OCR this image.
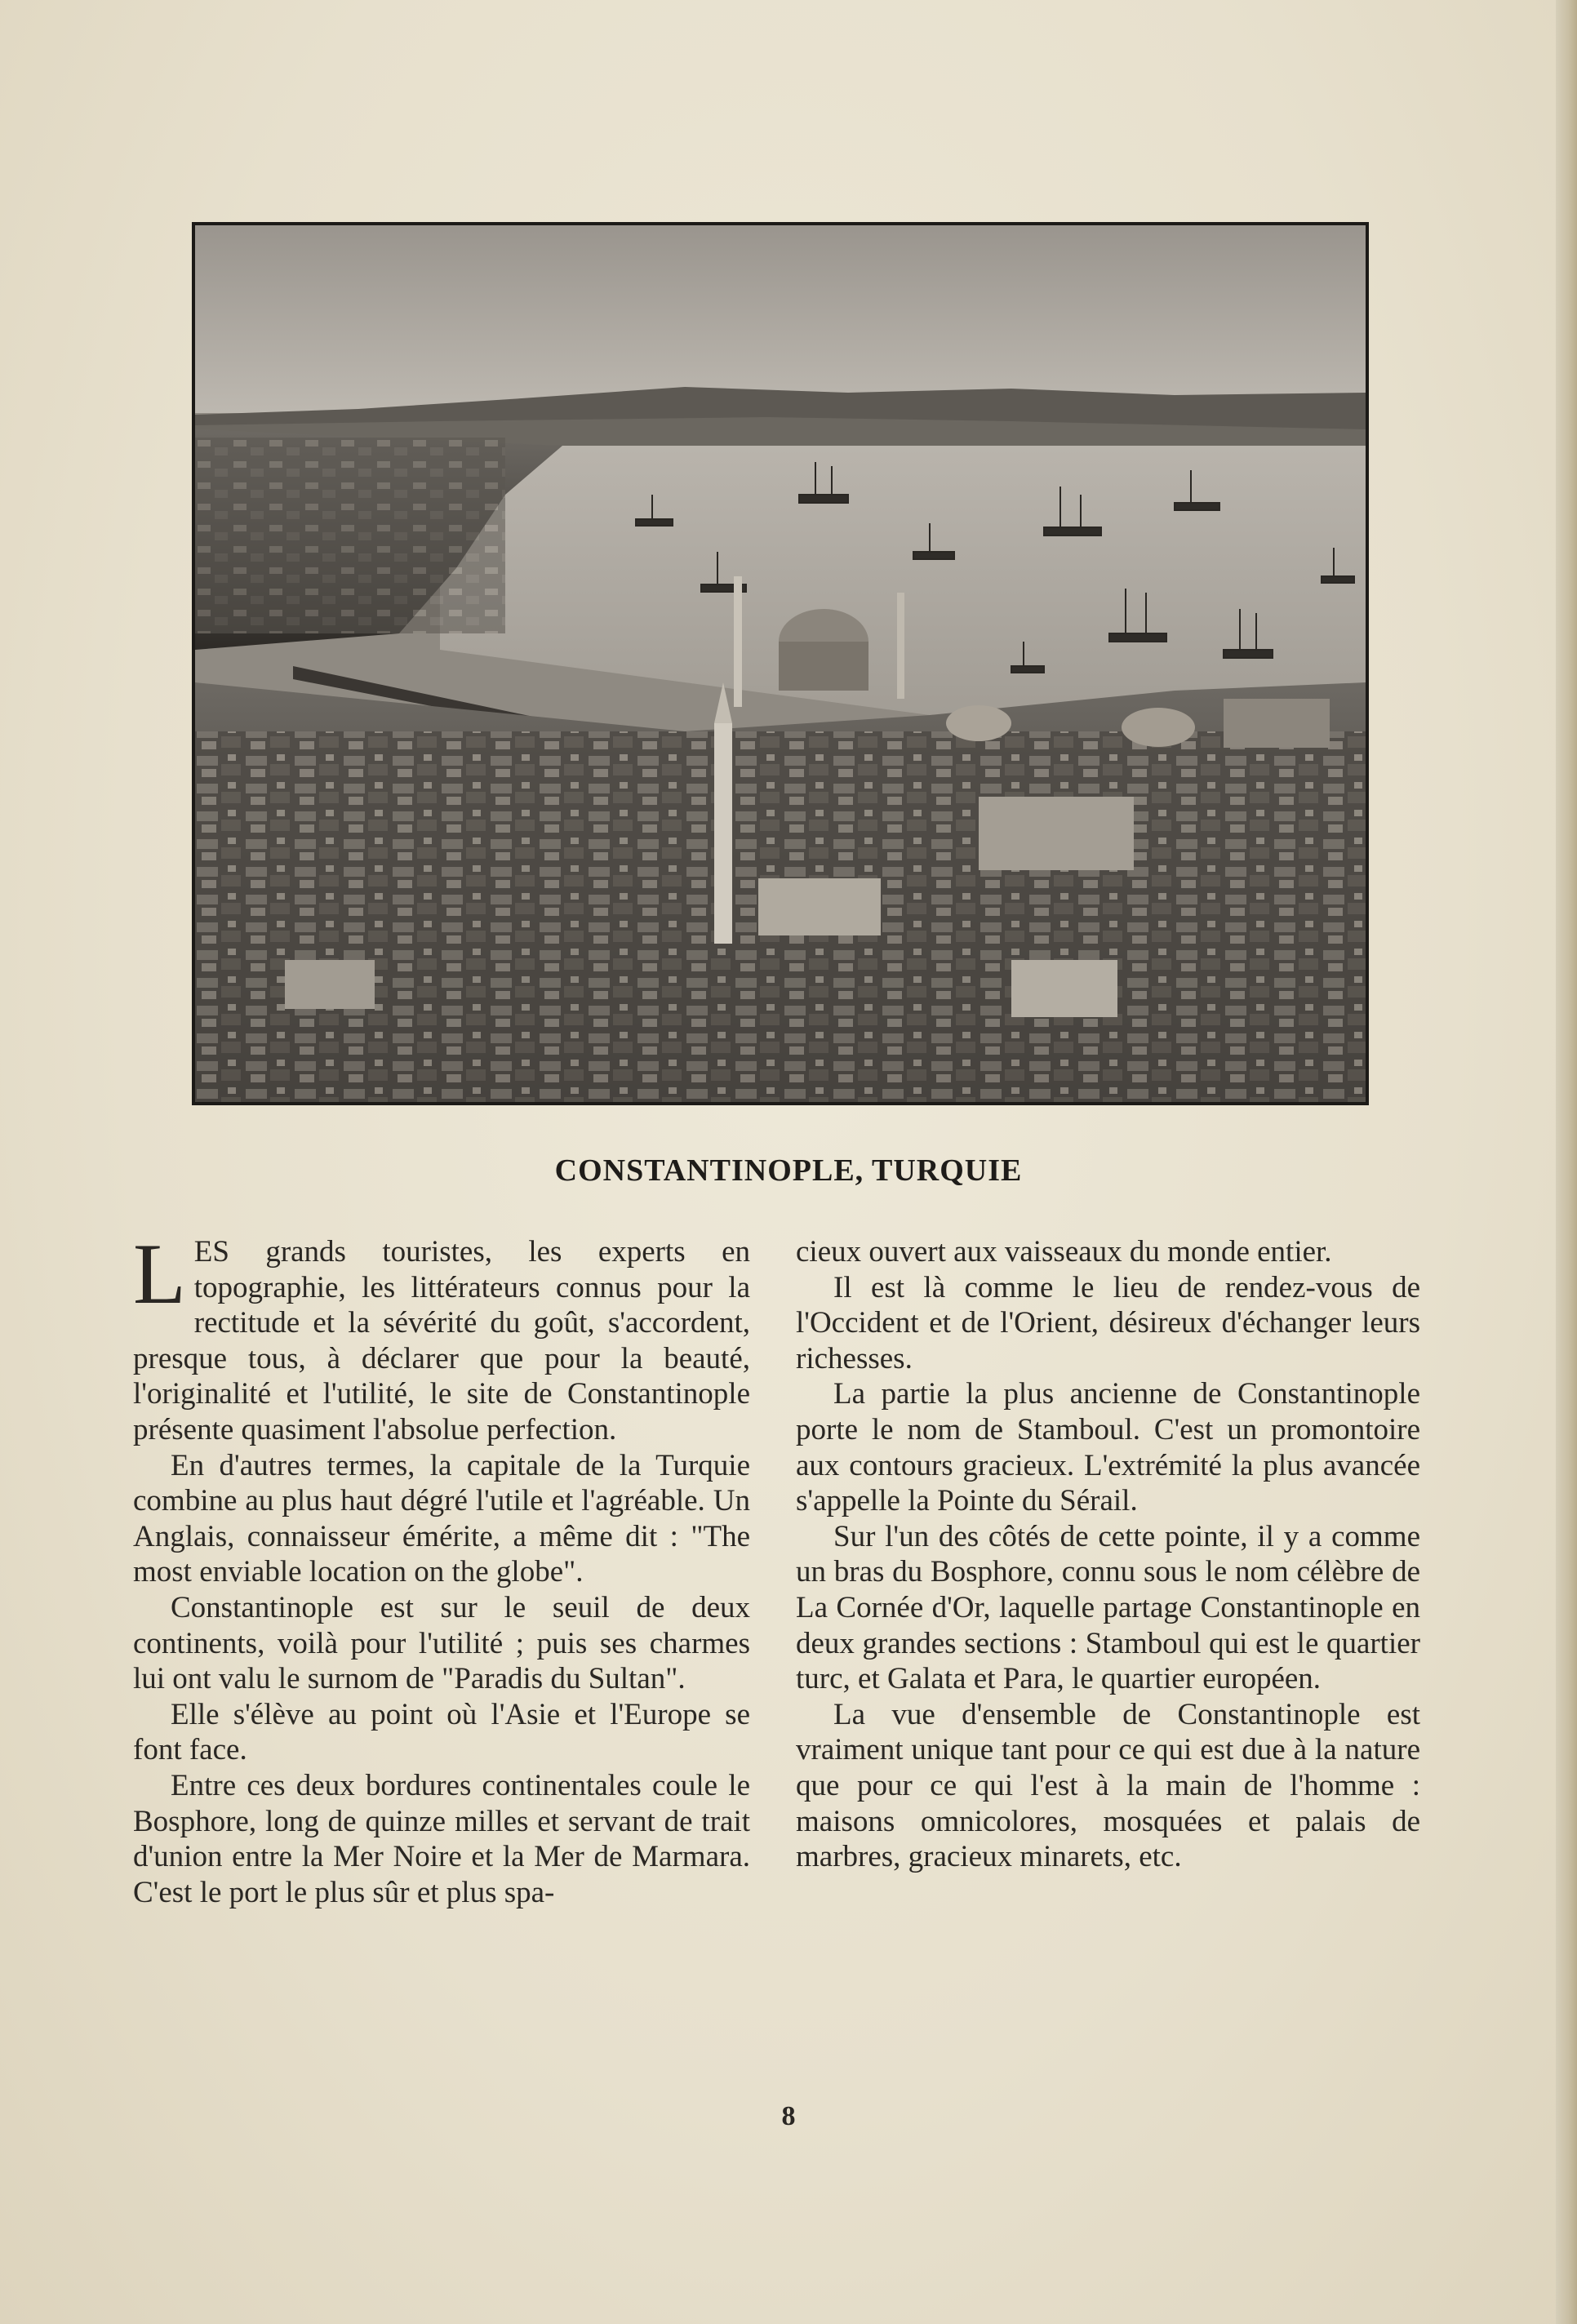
CONSTANTINOPLE, TURQUIE

LES grands touristes, les experts en topographie, les littérateurs connus pour la rectitude et la sévérité du goût, s'accordent, presque tous, à déclarer que pour la beauté, l'originalité et l'utilité, le site de Constantinople présente quasiment l'absolue perfection.

En d'autres termes, la capitale de la Turquie combine au plus haut dégré l'utile et l'agréable. Un Anglais, connaisseur émérite, a même dit : "The most enviable location on the globe".

Constantinople est sur le seuil de deux continents, voilà pour l'utilité ; puis ses charmes lui ont valu le surnom de "Paradis du Sultan".

Elle s'élève au point où l'Asie et l'Europe se font face.

Entre ces deux bordures continentales coule le Bosphore, long de quinze milles et servant de trait d'union entre la Mer Noire et la Mer de Marmara. C'est le port le plus sûr et plus spa-

cieux ouvert aux vaisseaux du monde entier.

Il est là comme le lieu de rendez-vous de l'Occident et de l'Orient, désireux d'échanger leurs richesses.

La partie la plus ancienne de Constantinople porte le nom de Stamboul. C'est un promontoire aux contours gracieux. L'extrémité la plus avancée s'appelle la Pointe du Sérail.

Sur l'un des côtés de cette pointe, il y a comme un bras du Bosphore, connu sous le nom célèbre de La Cornée d'Or, laquelle partage Constantinople en deux grandes sections : Stamboul qui est le quartier turc, et Galata et Para, le quartier européen.

La vue d'ensemble de Constantinople est vraiment unique tant pour ce qui est due à la nature que pour ce qui l'est à la main de l'homme : maisons omnicolores, mosquées et palais de marbres, gracieux minarets, etc.

8
